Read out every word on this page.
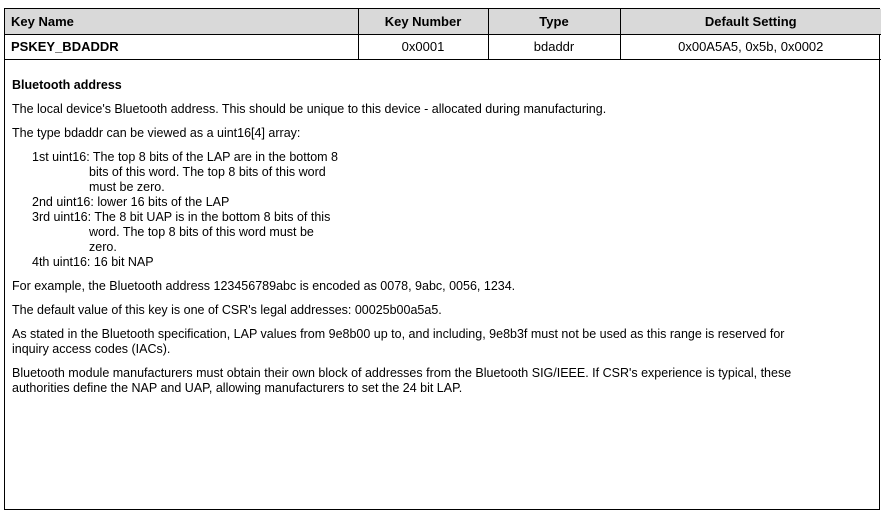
Key Name	Key Number	Type	Default Setting
PSKEY_BDADDR	0x0001	bdaddr	0x00A5A5, 0x5b, 0x0002
Bluetooth address

The local device's Bluetooth address. This should be unique to this device - allocated during manufacturing.

The type bdaddr can be viewed as a uint16[4] array:

1st uint16: The top 8 bits of the LAP are in the bottom 8
bits of this word. The top 8 bits of this word
must be zero.
2nd uint16: lower 16 bits of the LAP
3rd uint16: The 8 bit UAP is in the bottom 8 bits of this
word. The top 8 bits of this word must be
zero.
4th uint16: 16 bit NAP

For example, the Bluetooth address 123456789abc is encoded as 0078, 9abc, 0056, 1234.

The default value of this key is one of CSR's legal addresses: 00025b00a5a5.

As stated in the Bluetooth specification, LAP values from 9e8b00 up to, and including, 9e8b3f must not be used as this range is reserved for
inquiry access codes (IACs).

Bluetooth module manufacturers must obtain their own block of addresses from the Bluetooth SIG/IEEE. If CSR's experience is typical, these
authorities define the NAP and UAP, allowing manufacturers to set the 24 bit LAP.
